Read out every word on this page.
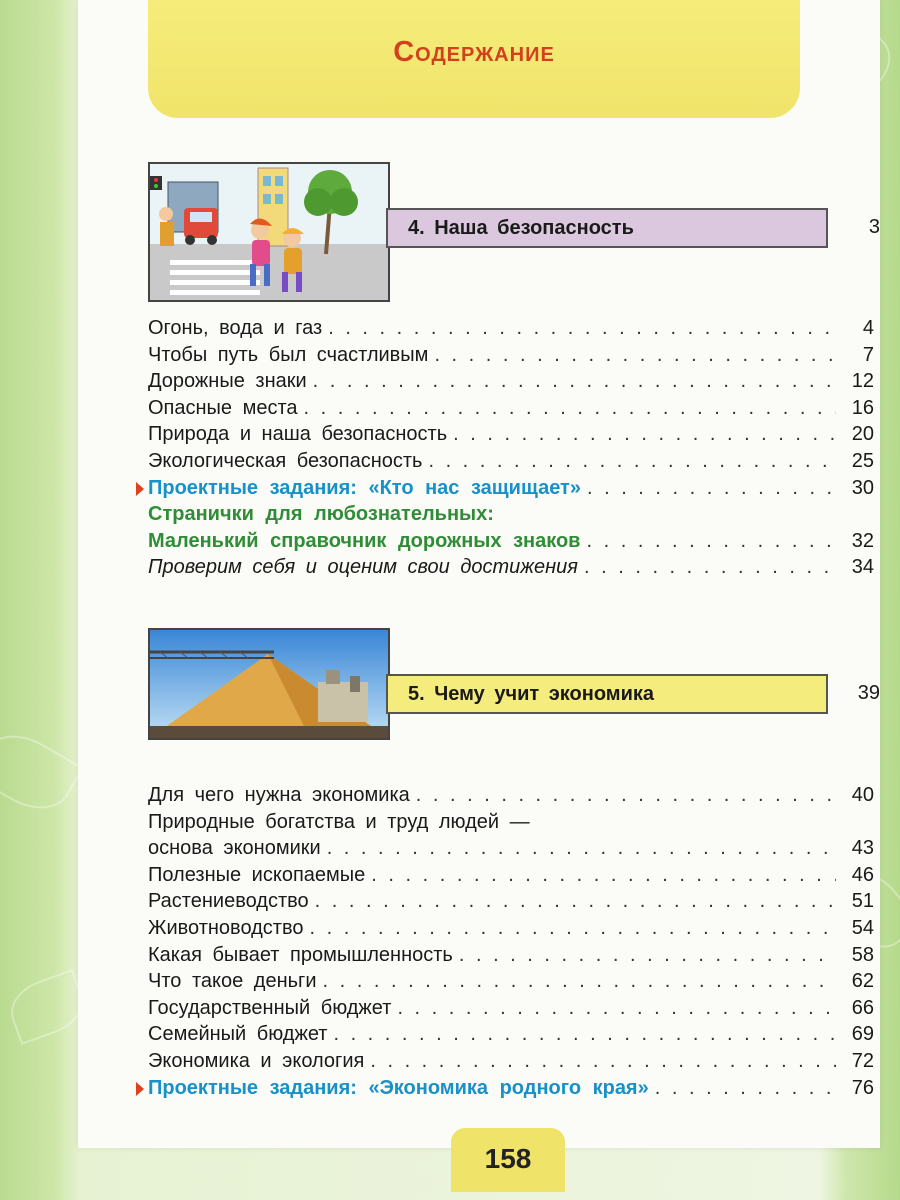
Содержание
4. Наша безопасность	3
Огонь, вода и газ . . .	4
Чтобы путь был счастливым . . .	7
Дорожные знаки . . .	12
Опасные места . . .	16
Природа и наша безопасность . . .	20
Экологическая безопасность . . .	25
Проектные задания: «Кто нас защищает» . . .	30
Странички для любознательных:
Маленький справочник дорожных знаков . . .	32
Проверим себя и оценим свои достижения . . .	34
5. Чему учит экономика	39
Для чего нужна экономика . . .	40
Природные богатства и труд людей —
основа экономики . . .	43
Полезные ископаемые . . .	46
Растениеводство . . .	51
Животноводство . . .	54
Какая бывает промышленность . . .	58
Что такое деньги . . .	62
Государственный бюджет . . .	66
Семейный бюджет . . .	69
Экономика и экология . . .	72
Проектные задания: «Экономика родного края» . . .	76
158
